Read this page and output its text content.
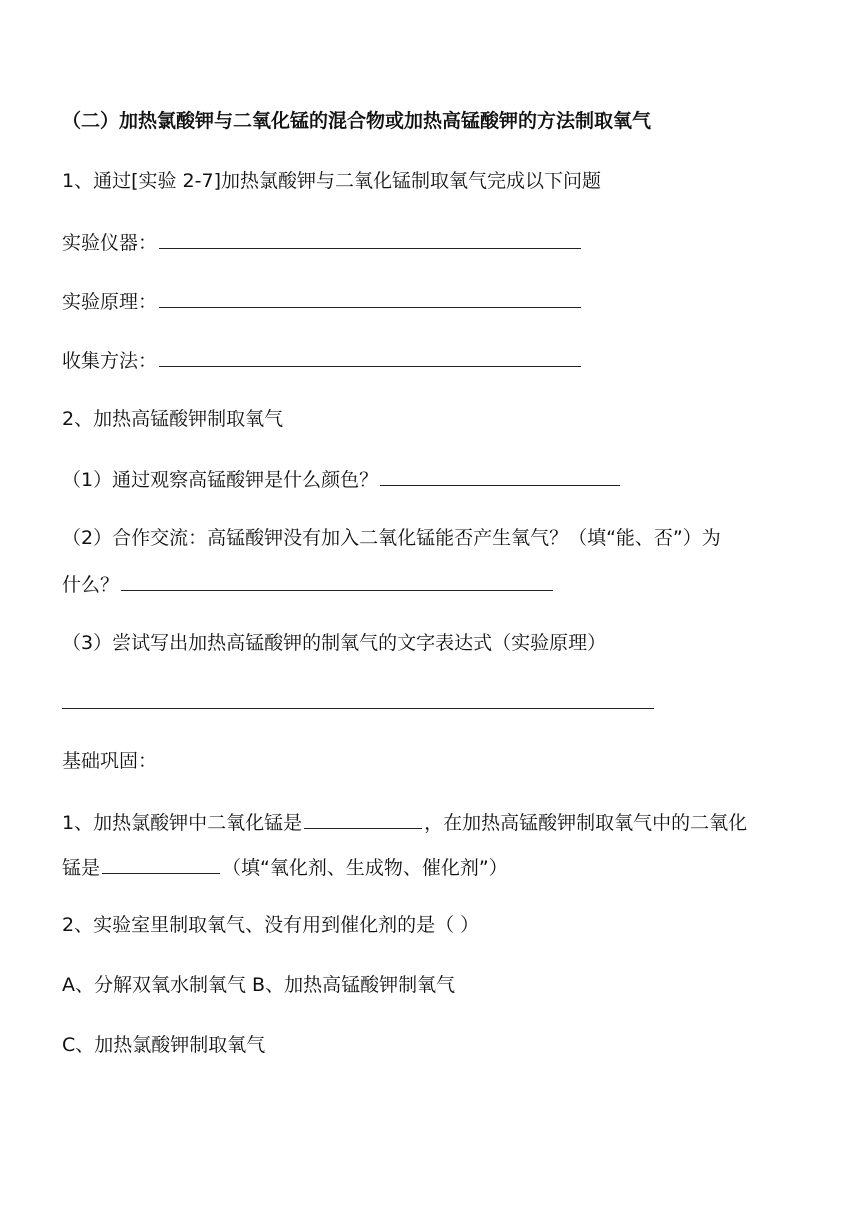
（二）加热氯酸钾与二氧化锰的混合物或加热高锰酸钾的方法制取氧气
1、通过[实验 2-7]加热氯酸钾与二氧化锰制取氧气完成以下问题
实验仪器：
实验原理：
收集方法：
2、加热高锰酸钾制取氧气
（1）通过观察高锰酸钾是什么颜色？
（2）合作交流：高锰酸钾没有加入二氧化锰能否产生氧气？（填“能、否”）为
什么？
（3）尝试写出加热高锰酸钾的制氧气的文字表达式（实验原理）
基础巩固：
1、加热氯酸钾中二氧化锰是	，在加热高锰酸钾制取氧气中的二氧化
锰是	（填“氧化剂、生成物、催化剂”）
2、实验室里制取氧气、没有用到催化剂的是（ ）
A、分解双氧水制氧气 B、加热高锰酸钾制氧气
C、加热氯酸钾制取氧气
